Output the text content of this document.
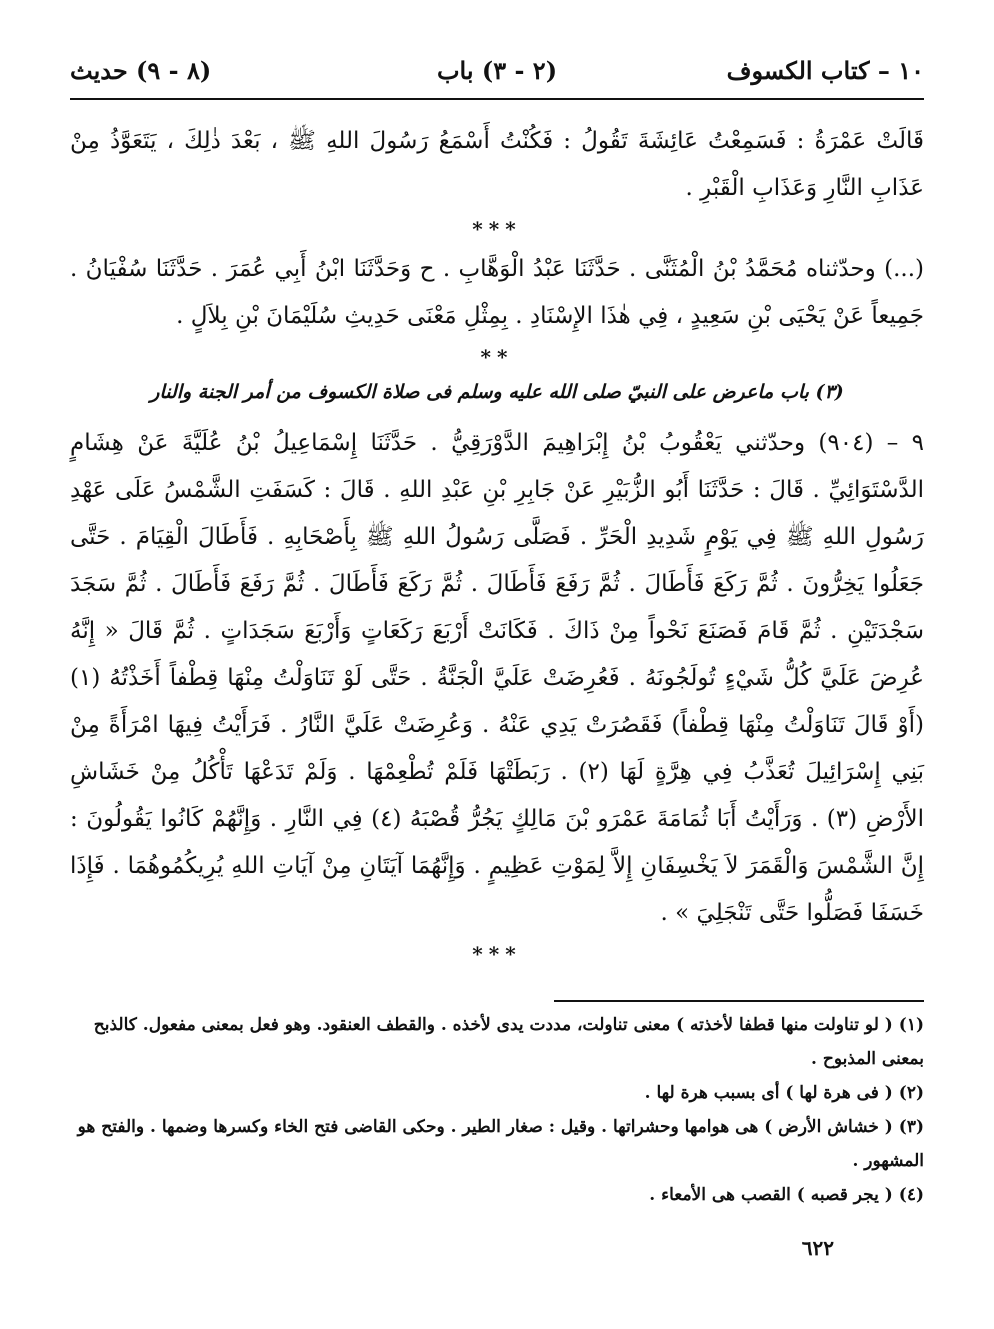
١٠ – كتاب الكسوف
(٢ - ٣) باب
(٨ - ٩) حديث

قَالَتْ عَمْرَةُ : فَسَمِعْتُ عَائِشَةَ تَقُولُ : فَكُنْتُ أَسْمَعُ رَسُولَ اللهِ ﷺ ، بَعْدَ ذٰلِكَ ، يَتَعَوَّذُ مِنْ عَذَابِ النَّارِ وَعَذَابِ الْقَبْرِ .

***

(...) وحدّثناه مُحَمَّدُ بْنُ الْمُثَنَّى . حَدَّثَنَا عَبْدُ الْوَهَّابِ . ح وَحَدَّثَنَا ابْنُ أَبِي عُمَرَ . حَدَّثَنَا سُفْيَانُ . جَمِيعاً عَنْ يَحْيَى بْنِ سَعِيدٍ ، فِي هٰذَا الإِسْنَادِ . بِمِثْلِ مَعْنَى حَدِيثِ سُلَيْمَانَ بْنِ بِلاَلٍ .

**
(٣) باب ماعرض على النبيّ صلى الله عليه وسلم فى صلاة الكسوف من أمر الجنة والنار

٩ – (٩٠٤) وحدّثني يَعْقُوبُ بْنُ إِبْرَاهِيمَ الدَّوْرَقِيُّ . حَدَّثَنَا إِسْمَاعِيلُ بْنُ عُلَيَّةَ عَنْ هِشَامٍ الدَّسْتَوَائِيِّ . قَالَ : حَدَّثَنَا أَبُو الزُّبَيْرِ عَنْ جَابِرِ بْنِ عَبْدِ اللهِ . قَالَ : كَسَفَتِ الشَّمْسُ عَلَى عَهْدِ رَسُولِ اللهِ ﷺ فِي يَوْمٍ شَدِيدِ الْحَرِّ . فَصَلَّى رَسُولُ اللهِ ﷺ بِأَصْحَابِهِ . فَأَطَالَ الْقِيَامَ . حَتَّى جَعَلُوا يَخِرُّونَ . ثُمَّ رَكَعَ فَأَطَالَ . ثُمَّ رَفَعَ فَأَطَالَ . ثُمَّ رَكَعَ فَأَطَالَ . ثُمَّ رَفَعَ فَأَطَالَ . ثُمَّ سَجَدَ سَجْدَتَيْنِ . ثُمَّ قَامَ فَصَنَعَ نَحْواً مِنْ ذَاكَ . فَكَانَتْ أَرْبَعَ رَكَعَاتٍ وَأَرْبَعَ سَجَدَاتٍ . ثُمَّ قَالَ « إِنَّهُ عُرِضَ عَلَيَّ كُلُّ شَيْءٍ تُولَجُونَهُ . فَعُرِضَتْ عَلَيَّ الْجَنَّةُ . حَتَّى لَوْ تَنَاوَلْتُ مِنْهَا قِطْفاً أَخَذْتُهُ (١) (أَوْ قَالَ تَنَاوَلْتُ مِنْهَا قِطْفاً) فَقَصُرَتْ يَدِي عَنْهُ . وَعُرِضَتْ عَلَيَّ النَّارُ . فَرَأَيْتُ فِيهَا امْرَأَةً مِنْ بَنِي إِسْرَائِيلَ تُعَذَّبُ فِي هِرَّةٍ لَهَا (٢) . رَبَطَتْهَا فَلَمْ تُطْعِمْهَا . وَلَمْ تَدَعْهَا تَأْكُلُ مِنْ خَشَاشِ الأَرْضِ (٣) . وَرَأَيْتُ أَبَا ثُمَامَةَ عَمْرَو بْنَ مَالِكٍ يَجُرُّ قُصْبَهُ (٤) فِي النَّارِ . وَإِنَّهُمْ كَانُوا يَقُولُونَ : إِنَّ الشَّمْسَ وَالْقَمَرَ لاَ يَخْسِفَانِ إِلاَّ لِمَوْتِ عَظِيمٍ . وَإِنَّهُمَا آيَتَانِ مِنْ آيَاتِ اللهِ يُرِيكُمُوهُمَا . فَإِذَا خَسَفَا فَصَلُّوا حَتَّى تَنْجَلِيَ » .

***

(١) ( لو تناولت منها قطفا لأخذته ) معنى تناولت، مددت يدى لأخذه . والقطف العنقود. وهو فعل بمعنى مفعول. كالذبح بمعنى المذبوح .

(٢) ( فى هرة لها ) أى بسبب هرة لها .

(٣) ( خشاش الأرض ) هى هوامها وحشراتها . وقيل : صغار الطير . وحكى القاضى فتح الخاء وكسرها وضمها . والفتح هو المشهور .

(٤) ( يجر قصبه ) القصب هى الأمعاء .

٦٢٢
